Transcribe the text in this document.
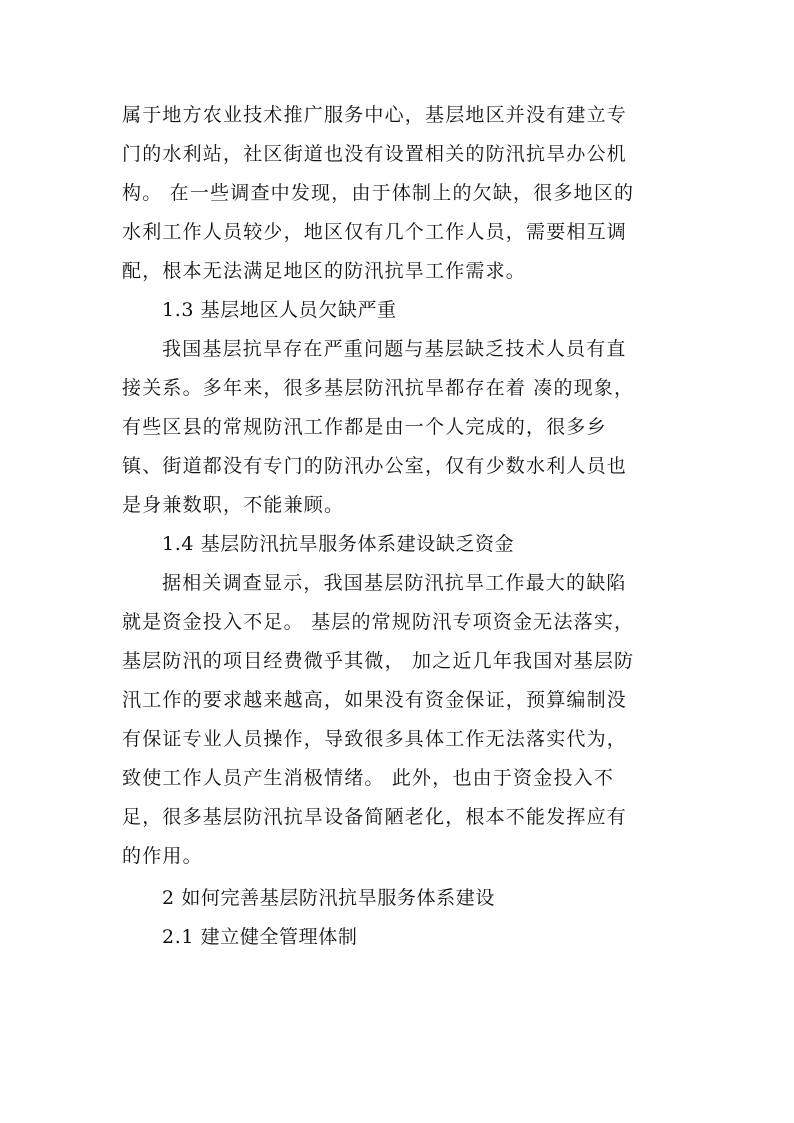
属于地方农业技术推广服务中心，基层地区并没有建立专
门的水利站，社区街道也没有设置相关的防汛抗旱办公机
构。 在一些调查中发现，由于体制上的欠缺，很多地区的
水利工作人员较少，地区仅有几个工作人员，需要相互调
配，根本无法满足地区的防汛抗旱工作需求。
1.3 基层地区人员欠缺严重
我国基层抗旱存在严重问题与基层缺乏技术人员有直
接关系。多年来，很多基层防汛抗旱都存在着 凑的现象，
有些区县的常规防汛工作都是由一个人完成的，很多乡
镇、街道都没有专门的防汛办公室，仅有少数水利人员也
是身兼数职，不能兼顾。
1.4 基层防汛抗旱服务体系建设缺乏资金
据相关调查显示，我国基层防汛抗旱工作最大的缺陷
就是资金投入不足。 基层的常规防汛专项资金无法落实，
基层防汛的项目经费微乎其微， 加之近几年我国对基层防
汛工作的要求越来越高，如果没有资金保证，预算编制没
有保证专业人员操作，导致很多具体工作无法落实代为，
致使工作人员产生消极情绪。 此外，也由于资金投入不
足，很多基层防汛抗旱设备简陋老化，根本不能发挥应有
的作用。
2 如何完善基层防汛抗旱服务体系建设
2.1 建立健全管理体制
